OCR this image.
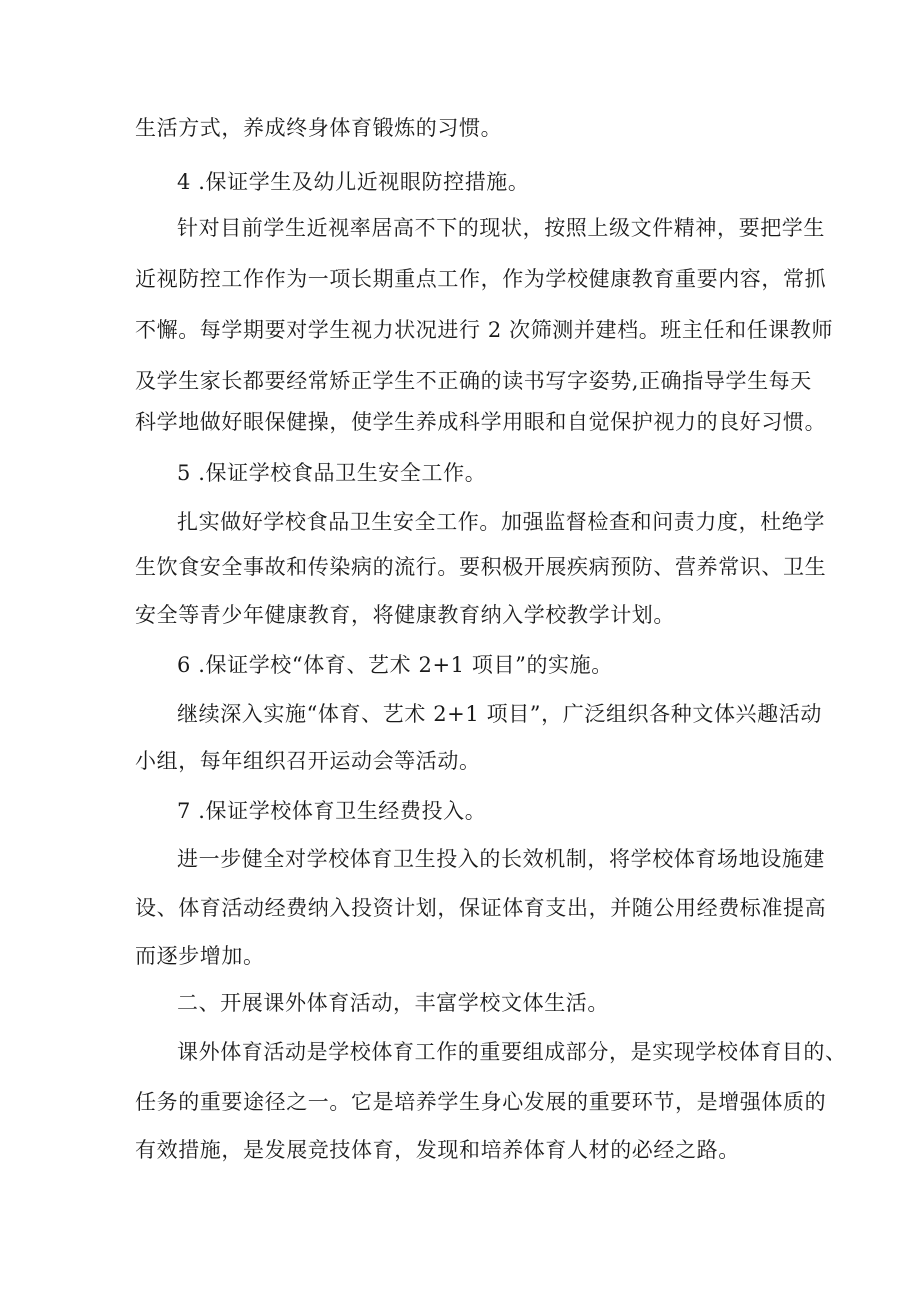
生活方式，养成终身体育锻炼的习惯。
4 .保证学生及幼儿近视眼防控措施。
针对目前学生近视率居高不下的现状，按照上级文件精神，要把学生
近视防控工作作为一项长期重点工作，作为学校健康教育重要内容，常抓
不懈。每学期要对学生视力状况进行 2 次筛测并建档。班主任和任课教师
及学生家长都要经常矫正学生不正确的读书写字姿势,正确指导学生每天
科学地做好眼保健操，使学生养成科学用眼和自觉保护视力的良好习惯。
5 .保证学校食品卫生安全工作。
扎实做好学校食品卫生安全工作。加强监督检查和问责力度，杜绝学
生饮食安全事故和传染病的流行。要积极开展疾病预防、营养常识、卫生
安全等青少年健康教育，将健康教育纳入学校教学计划。
6 .保证学校“体育、艺术 2+1 项目”的实施。
继续深入实施“体育、艺术 2+1 项目”，广泛组织各种文体兴趣活动
小组，每年组织召开运动会等活动。
7 .保证学校体育卫生经费投入。
进一步健全对学校体育卫生投入的长效机制，将学校体育场地设施建
设、体育活动经费纳入投资计划，保证体育支出，并随公用经费标准提高
而逐步增加。
二、开展课外体育活动，丰富学校文体生活。
课外体育活动是学校体育工作的重要组成部分，是实现学校体育目的、
任务的重要途径之一。它是培养学生身心发展的重要环节，是增强体质的
有效措施，是发展竞技体育，发现和培养体育人材的必经之路。
